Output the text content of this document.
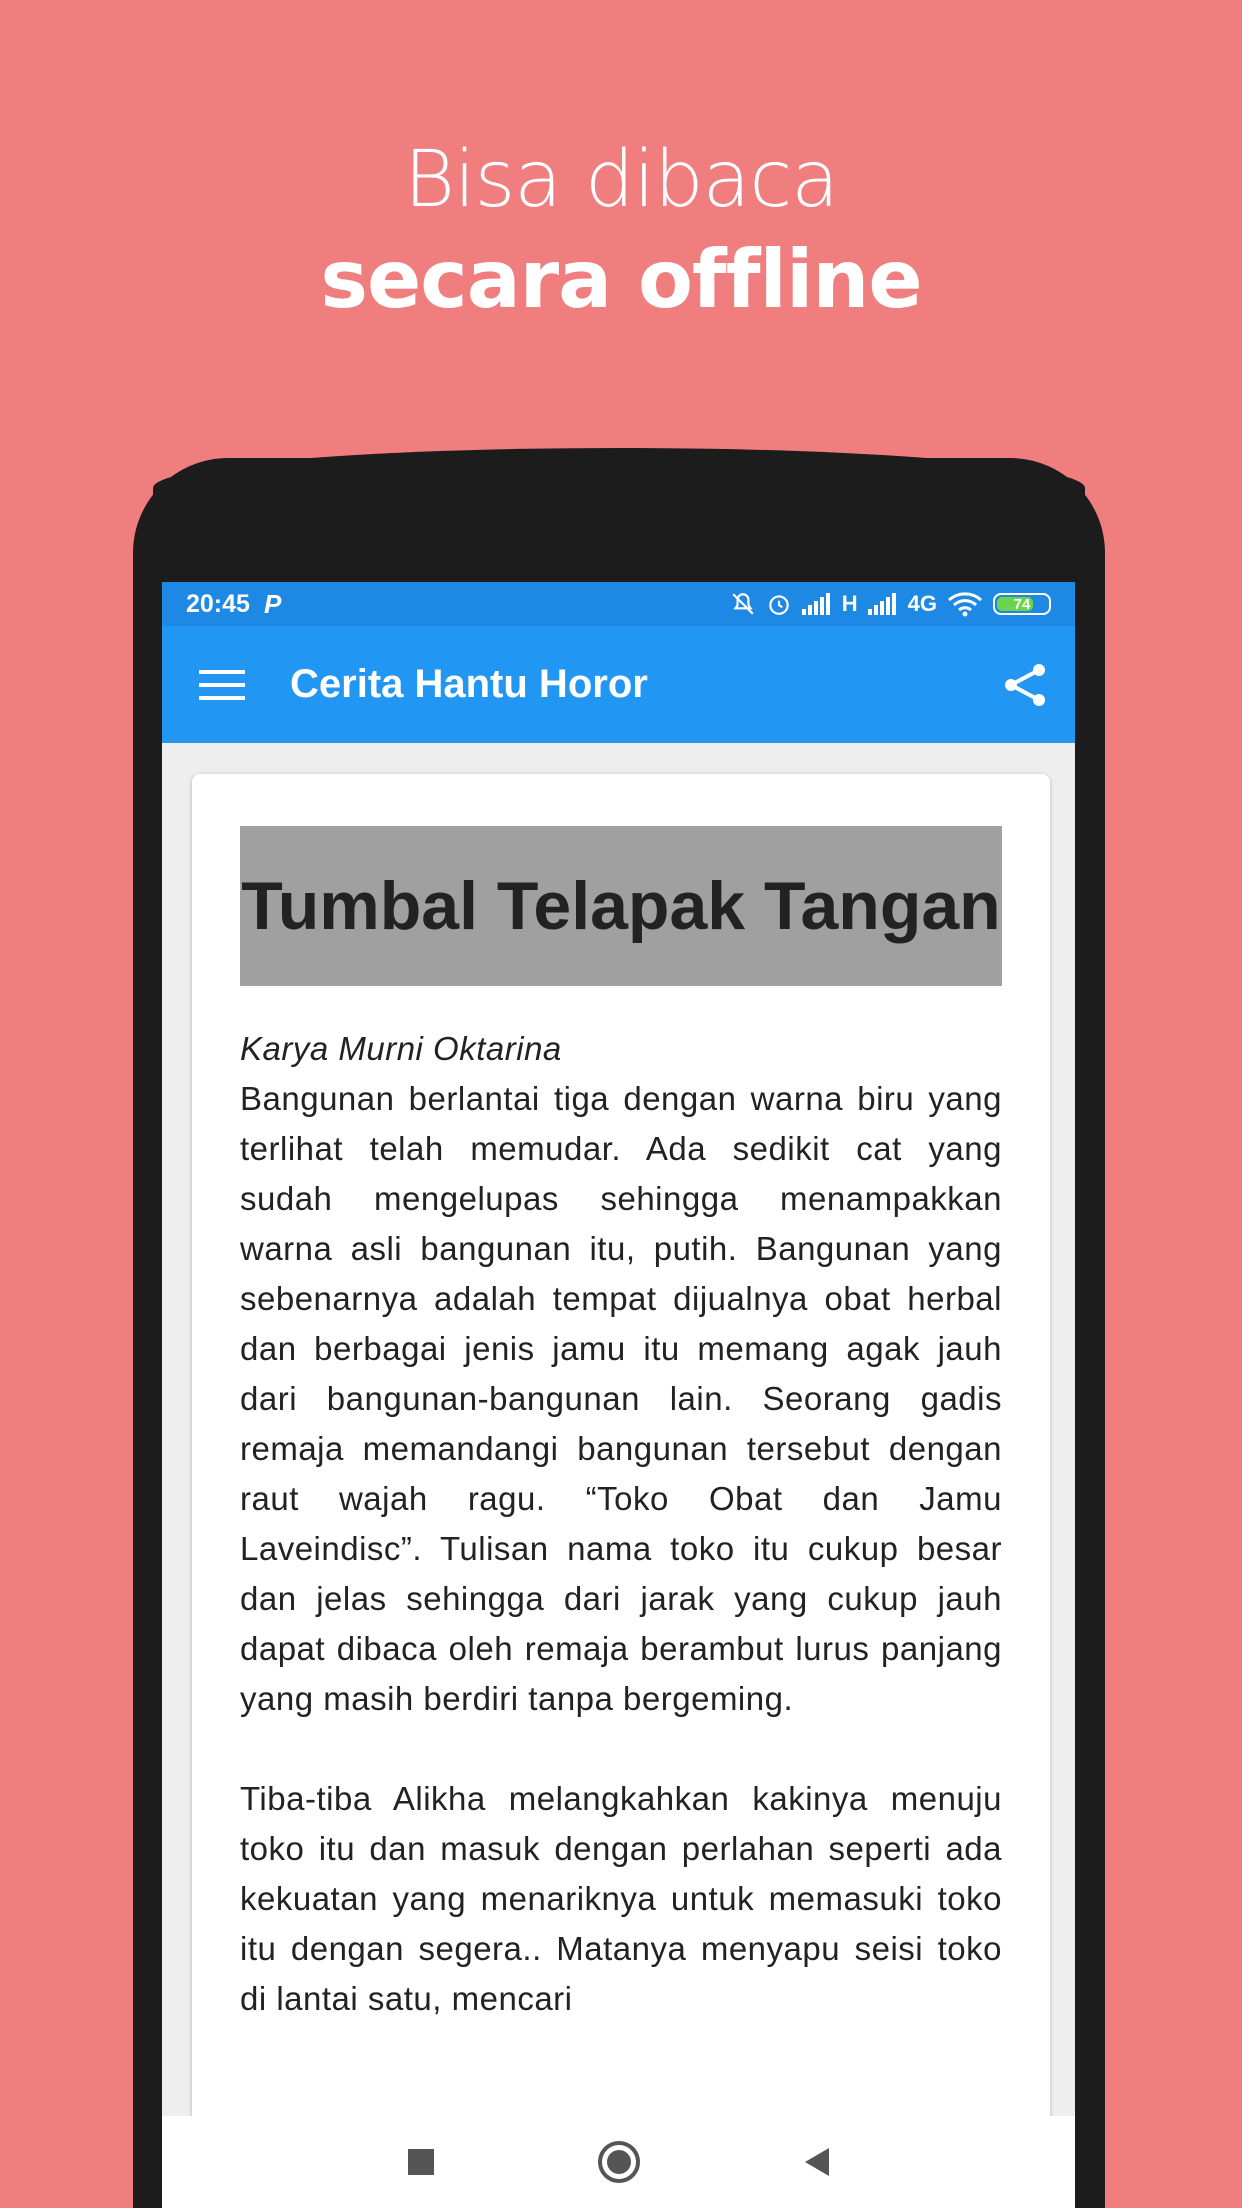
Bisa dibaca
secara offline
20:45 P	H 4G	74
Cerita Hantu Horor
Tumbal Telapak Tangan
Karya Murni Oktarina
Bangunan berlantai tiga dengan warna biru yang terlihat telah memudar. Ada sedikit cat yang sudah mengelupas sehingga menampakkan warna asli bangunan itu, putih. Bangunan yang sebenarnya adalah tempat dijualnya obat herbal dan berbagai jenis jamu itu memang agak jauh dari bangunan-bangunan lain. Seorang gadis remaja memandangi bangunan tersebut dengan raut wajah ragu. “Toko Obat dan Jamu Laveindisc”. Tulisan nama toko itu cukup besar dan jelas sehingga dari jarak yang cukup jauh dapat dibaca oleh remaja berambut lurus panjang yang masih berdiri tanpa bergeming.
Tiba-tiba Alikha melangkahkan kakinya menuju toko itu dan masuk dengan perlahan seperti ada kekuatan yang menariknya untuk memasuki toko itu dengan segera.. Matanya menyapu seisi toko di lantai satu, mencari
